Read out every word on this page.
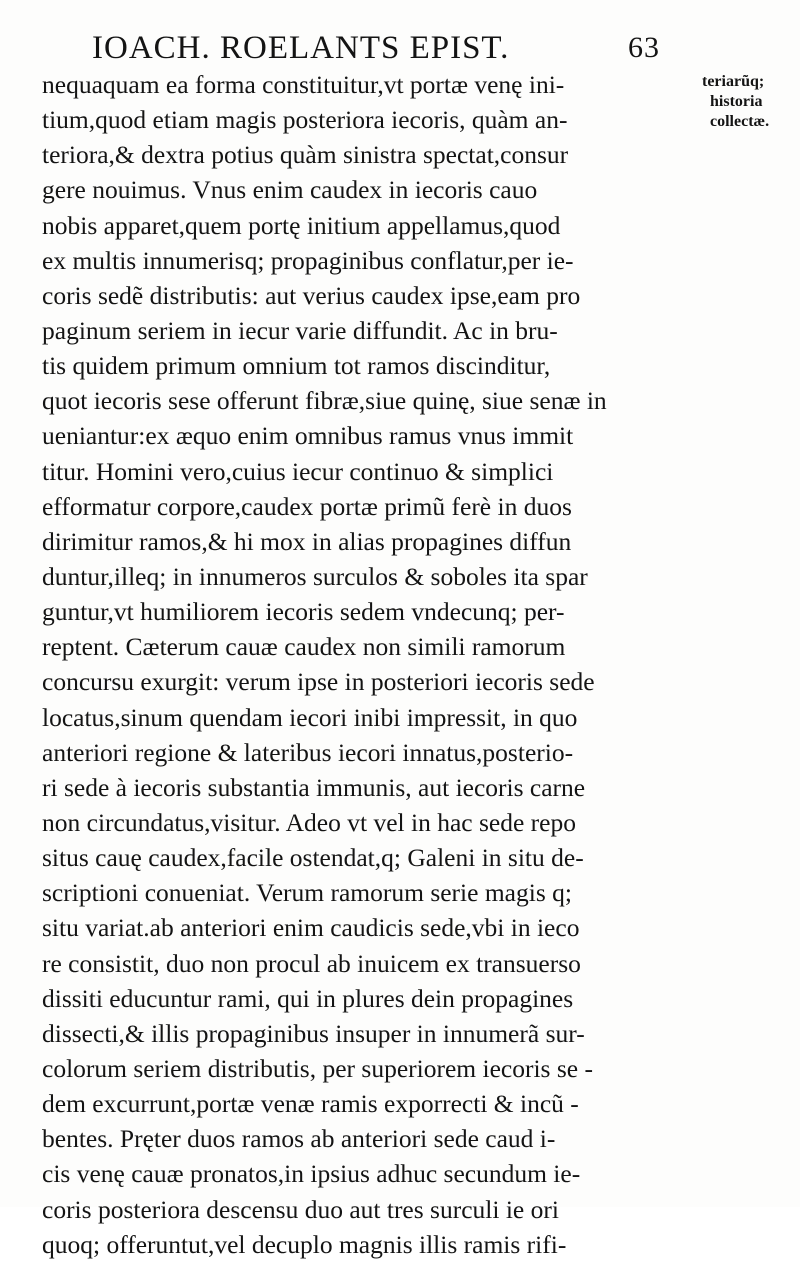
IOACH. ROELANTS EPIST.	63
nequaquam ea forma constituitur,vt portæ venę ini-
tium,quod etiam magis posteriora iecoris, quàm an-
teriora,& dextra potius quàm sinistra spectat,consur
gere nouimus. Vnus enim caudex in iecoris cauo
nobis apparet,quem portę initium appellamus,quod
ex multis innumerisq; propaginibus conflatur,per ie-
coris sedẽ distributis: aut verius caudex ipse,eam pro
paginum seriem in iecur varie diffundit. Ac in bru-
tis quidem primum omnium tot ramos discinditur,
quot iecoris sese offerunt fibræ,siue quinę, siue senæ in
ueniantur:ex æquo enim omnibus ramus vnus immit
titur. Homini vero,cuius iecur continuo & simplici
efformatur corpore,caudex portæ primũ ferè in duos
dirimitur ramos,& hi mox in alias propagines diffun
duntur,illeq; in innumeros surculos & soboles ita spar
guntur,vt humiliorem iecoris sedem vndecunq; per-
reptent. Cæterum cauæ caudex non simili ramorum
concursu exurgit: verum ipse in posteriori iecoris sede
locatus,sinum quendam iecori inibi impressit, in quo
anteriori regione & lateribus iecori innatus,posterio-
ri sede à iecoris substantia immunis, aut iecoris carne
non circundatus,visitur. Adeo vt vel in hac sede repo
situs cauę caudex,facile ostendat,q; Galeni in situ de-
scriptioni conueniat. Verum ramorum serie magis q;
situ variat.ab anteriori enim caudicis sede,vbi in ieco
re consistit, duo non procul ab inuicem ex transuerso
dissiti educuntur rami, qui in plures dein propagines
dissecti,& illis propaginibus insuper in innumerã sur-
colorum seriem distributis, per superiorem iecoris se -
dem excurrunt,portæ venæ ramis exporrecti & incũ -
bentes. Pręter duos ramos ab anteriori sede caud i-
cis venę cauæ pronatos,in ipsius adhuc secundum ie-
coris posteriora descensu duo aut tres surculi ie ori
quoq; offeruntut,vel decuplo magnis illis ramis rifi-
teriarũq;
historia
collectæ.
